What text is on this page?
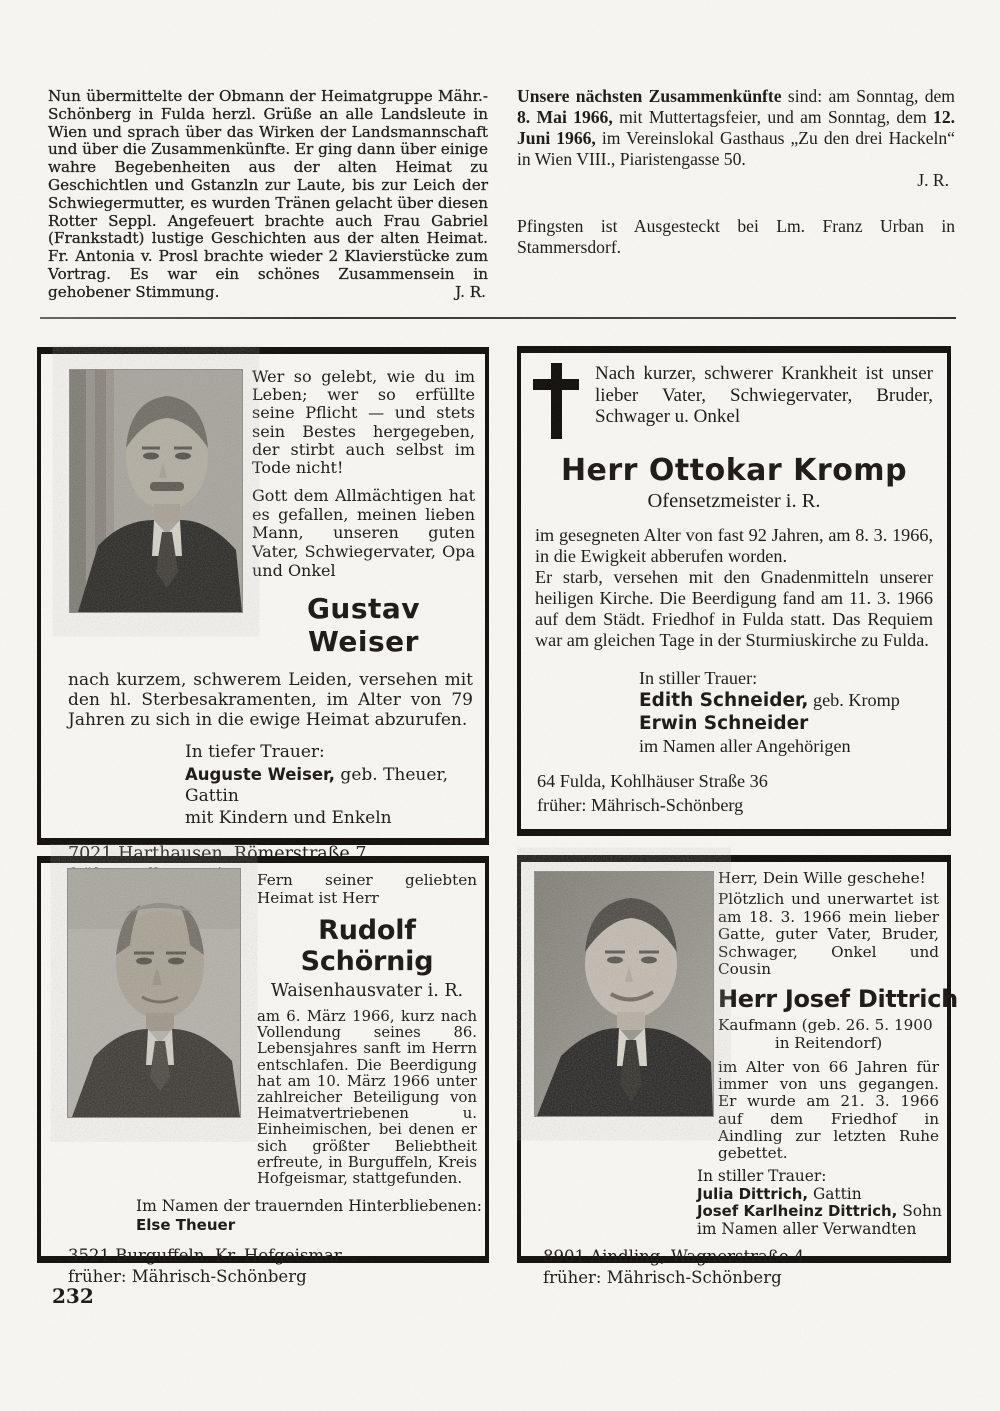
Nun übermittelte der Obmann der Heimatgruppe Mähr.-Schönberg in Fulda herzl. Grüße an alle Landsleute in Wien und sprach über das Wirken der Landsmannschaft und über die Zusammenkünfte. Er ging dann über einige wahre Begebenheiten aus der alten Heimat zu Geschichtlen und Gstanzln zur Laute, bis zur Leich der Schwiegermutter, es wurden Tränen gelacht über diesen Rotter Seppl. Angefeuert brachte auch Frau Gabriel (Frankstadt) lustige Geschichten aus der alten Heimat. Fr. Antonia v. Prosl brachte wieder 2 Klavierstücke zum Vortrag. Es war ein schönes Zusammensein in gehobener Stimmung.	J. R.

Unsere nächsten Zusammenkünfte sind: am Sonntag, dem 8. Mai 1966, mit Muttertagsfeier, und am Sonntag, dem 12. Juni 1966, im Vereinslokal Gasthaus „Zu den drei Hackeln“ in Wien VIII., Piaristengasse 50.

J. R.

Pfingsten ist Ausgesteckt bei Lm. Franz Urban in Stammersdorf.

Wer so gelebt, wie du im Leben; wer so erfüllte seine Pflicht — und stets sein Bestes hergegeben, der stirbt auch selbst im Tode nicht!

Gott dem Allmächtigen hat es gefallen, meinen lieben Mann, unseren guten Vater, Schwiegervater, Opa und Onkel

Gustav Weiser

nach kurzem, schwerem Leiden, versehen mit den hl. Sterbesakramenten, im Alter von 79 Jahren zu sich in die ewige Heimat abzurufen.

In tiefer Trauer:
Auguste Weiser, geb. Theuer, Gattin
mit Kindern und Enkeln
7021 Harthausen, Römerstraße 7

Nach kurzer, schwerer Krankheit ist unser lieber Vater, Schwiegervater, Bruder, Schwager u. Onkel

Herr Ottokar Kromp
Ofensetzmeister i. R.

im gesegneten Alter von fast 92 Jahren, am 8. 3. 1966, in die Ewigkeit abberufen worden.

Er starb, versehen mit den Gnadenmitteln unserer heiligen Kirche. Die Beerdigung fand am 11. 3. 1966 auf dem Städt. Friedhof in Fulda statt. Das Requiem war am gleichen Tage in der Sturmiuskirche zu Fulda.

In stiller Trauer:
Edith Schneider, geb. Kromp
Erwin Schneider
im Namen aller Angehörigen
64 Fulda, Kohlhäuser Straße 36
früher: Mährisch-Schönberg

Fern seiner geliebten Heimat ist Herr

Rudolf Schörnig
Waisenhausvater i. R.

am 6. März 1966, kurz nach Vollendung seines 86. Lebensjahres sanft im Herrn entschlafen. Die Beerdigung hat am 10. März 1966 unter zahlreicher Beteiligung von Heimatvertriebenen u. Einheimischen, bei denen er sich größter Beliebtheit erfreute, in Burguffeln, Kreis Hofgeismar, stattgefunden.

Im Namen der trauernden Hinterbliebenen:
Else Theuer
3521 Burguffeln, Kr. Hofgeismar
früher: Mährisch-Schönberg

Herr, Dein Wille geschehe!

Plötzlich und unerwartet ist am 18. 3. 1966 mein lieber Gatte, guter Vater, Bruder, Schwager, Onkel und Cousin

Herr Josef Dittrich
Kaufmann (geb. 26. 5. 1900
in Reitendorf)

im Alter von 66 Jahren für immer von uns gegangen. Er wurde am 21. 3. 1966 auf dem Friedhof in Aindling zur letzten Ruhe gebettet.

In stiller Trauer:
Julia Dittrich, Gattin
Josef Karlheinz Dittrich, Sohn
im Namen aller Verwandten
8901 Aindling, Wagnerstraße 4
früher: Mährisch-Schönberg
232
